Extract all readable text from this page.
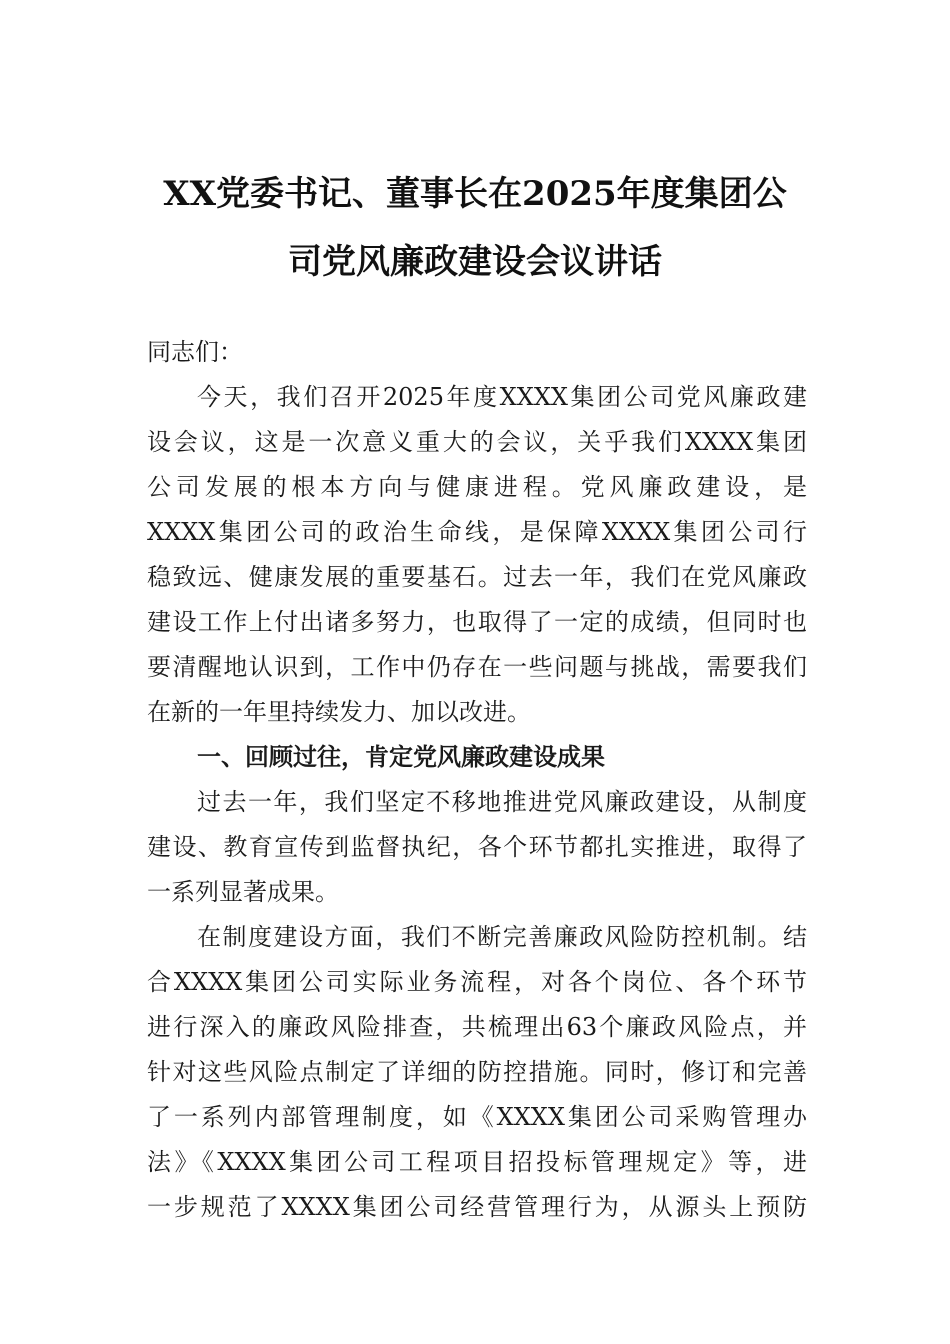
XX党委书记、董事长在2025年度集团公
司党风廉政建设会议讲话
同志们：
今天，我们召开2025年度XXXX集团公司党风廉政建
设会议，这是一次意义重大的会议，关乎我们XXXX集团
公司发展的根本方向与健康进程。党风廉政建设，是
XXXX集团公司的政治生命线，是保障XXXX集团公司行
稳致远、健康发展的重要基石。过去一年，我们在党风廉政
建设工作上付出诸多努力，也取得了一定的成绩，但同时也
要清醒地认识到，工作中仍存在一些问题与挑战，需要我们
在新的一年里持续发力、加以改进。
一、回顾过往，肯定党风廉政建设成果
过去一年，我们坚定不移地推进党风廉政建设，从制度
建设、教育宣传到监督执纪，各个环节都扎实推进，取得了
一系列显著成果。
在制度建设方面，我们不断完善廉政风险防控机制。结
合XXXX集团公司实际业务流程，对各个岗位、各个环节
进行深入的廉政风险排查，共梳理出63个廉政风险点，并
针对这些风险点制定了详细的防控措施。同时，修订和完善
了一系列内部管理制度，如《XXXX集团公司采购管理办
法》《XXXX集团公司工程项目招投标管理规定》等，进
一步规范了XXXX集团公司经营管理行为，从源头上预防
